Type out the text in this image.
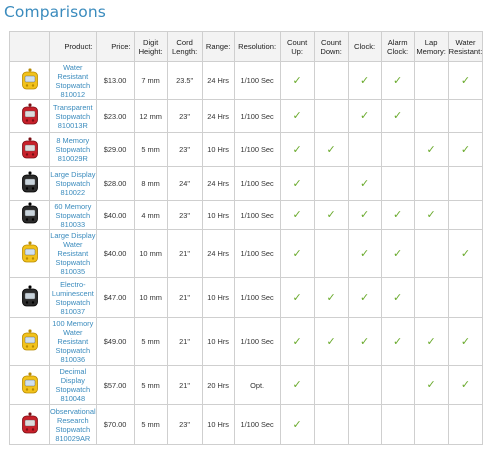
Comparisons
	Product:	Price:	Digit Height:	Cord Length:	Range:	Resolution:	Count Up:	Count Down:	Clock:	Alarm Clock:	Lap Memory:	Water Resistant:
	Water Resistant Stopwatch 810012	$13.00	7 mm	23.5"	24 Hrs	1/100 Sec	✓		✓	✓		✓
	Transparent Stopwatch 810013R	$23.00	12 mm	23"	24 Hrs	1/100 Sec	✓		✓	✓		
	8 Memory Stopwatch 810029R	$29.00	5 mm	23"	10 Hrs	1/100 Sec	✓	✓			✓	✓
	Large Display Stopwatch 810022	$28.00	8 mm	24"	24 Hrs	1/100 Sec	✓		✓			
	60 Memory Stopwatch 810033	$40.00	4 mm	23"	10 Hrs	1/100 Sec	✓	✓	✓	✓	✓	
	Large Display Water Resistant Stopwatch 810035	$40.00	10 mm	21"	24 Hrs	1/100 Sec	✓		✓	✓		✓
	Electro-Luminescent Stopwatch 810037	$47.00	10 mm	21"	10 Hrs	1/100 Sec	✓	✓	✓	✓		
	100 Memory Water Resistant Stopwatch 810036	$49.00	5 mm	21"	10 Hrs	1/100 Sec	✓	✓	✓	✓	✓	✓
	Decimal Display Stopwatch 810048	$57.00	5 mm	21"	20 Hrs	Opt.	✓				✓	✓
	Observational Research Stopwatch 810029AR	$70.00	5 mm	23"	10 Hrs	1/100 Sec	✓					
